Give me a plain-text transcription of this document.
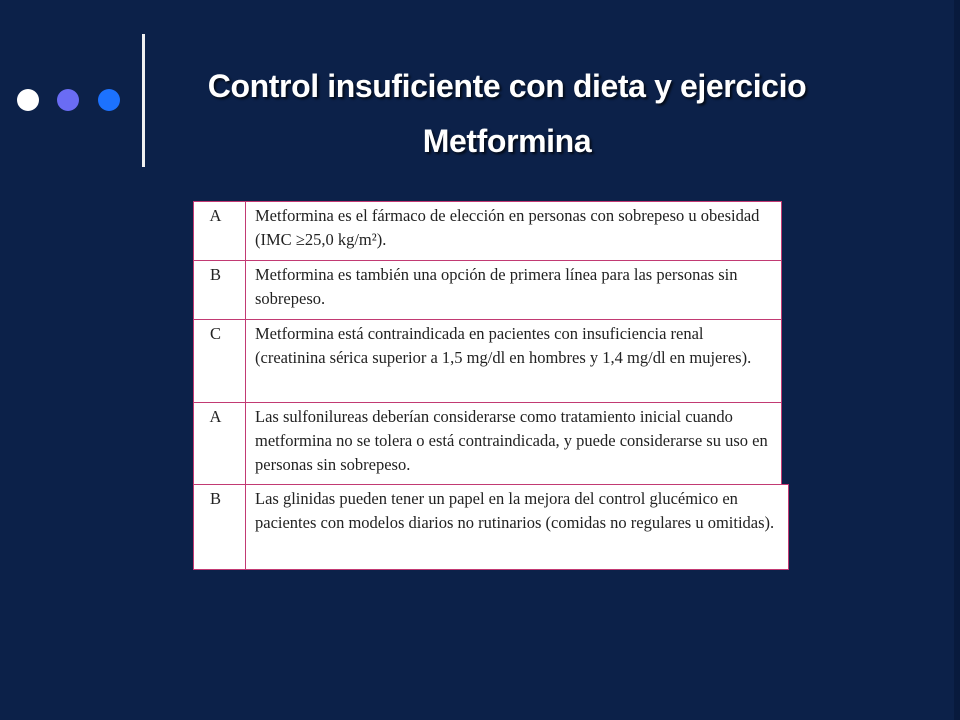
Control insuficiente con dieta y ejercicio
Metformina
A	Metformina es el fármaco de elección en personas con sobrepeso u obesidad (IMC ≥25,0 kg/m²).
B	Metformina es también una opción de primera línea para las personas sin sobrepeso.
C	Metformina está contraindicada en pacientes con insuficiencia renal (creatinina sérica superior a 1,5 mg/dl en hombres y 1,4 mg/dl en mujeres).
A	Las sulfonilureas deberían considerarse como tratamiento inicial cuando metformina no se tolera o está contraindicada, y puede considerarse su uso en personas sin sobrepeso.
B	Las glinidas pueden tener un papel en la mejora del control glucémico en pacientes con modelos diarios no rutinarios (comidas no regulares u omitidas).
